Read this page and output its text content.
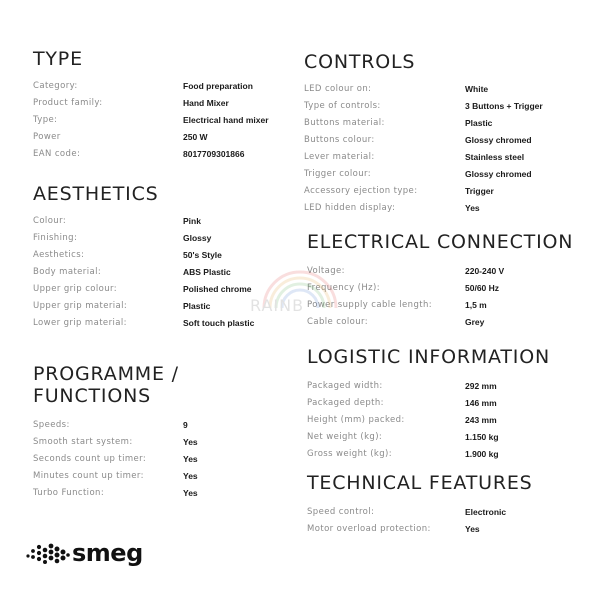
TYPE
Category:	Food preparation
Product family:	Hand Mixer
Type:	Electrical hand mixer
Power	250 W
EAN code:	8017709301866
AESTHETICS
Colour:	Pink
Finishing:	Glossy
Aesthetics:	50's Style
Body material:	ABS Plastic
Upper grip colour:	Polished chrome
Upper grip material:	Plastic
Lower grip material:	Soft touch plastic
PROGRAMME / FUNCTIONS
Speeds:	9
Smooth start system:	Yes
Seconds count up timer:	Yes
Minutes count up timer:	Yes
Turbo Function:	Yes
CONTROLS
LED colour on:	White
Type of controls:	3 Buttons + Trigger
Buttons material:	Plastic
Buttons colour:	Glossy chromed
Lever material:	Stainless steel
Trigger colour:	Glossy chromed
Accessory ejection type:	Trigger
LED hidden display:	Yes
ELECTRICAL CONNECTION
Voltage:	220-240 V
Frequency (Hz):	50/60 Hz
Power supply cable length:	1,5 m
Cable colour:	Grey
LOGISTIC INFORMATION
Packaged width:	292 mm
Packaged depth:	146 mm
Height (mm) packed:	243 mm
Net weight (kg):	1.150 kg
Gross weight (kg):	1.900 kg
TECHNICAL FEATURES
Speed control:	Electronic
Motor overload protection:	Yes
RAINB
smeg
